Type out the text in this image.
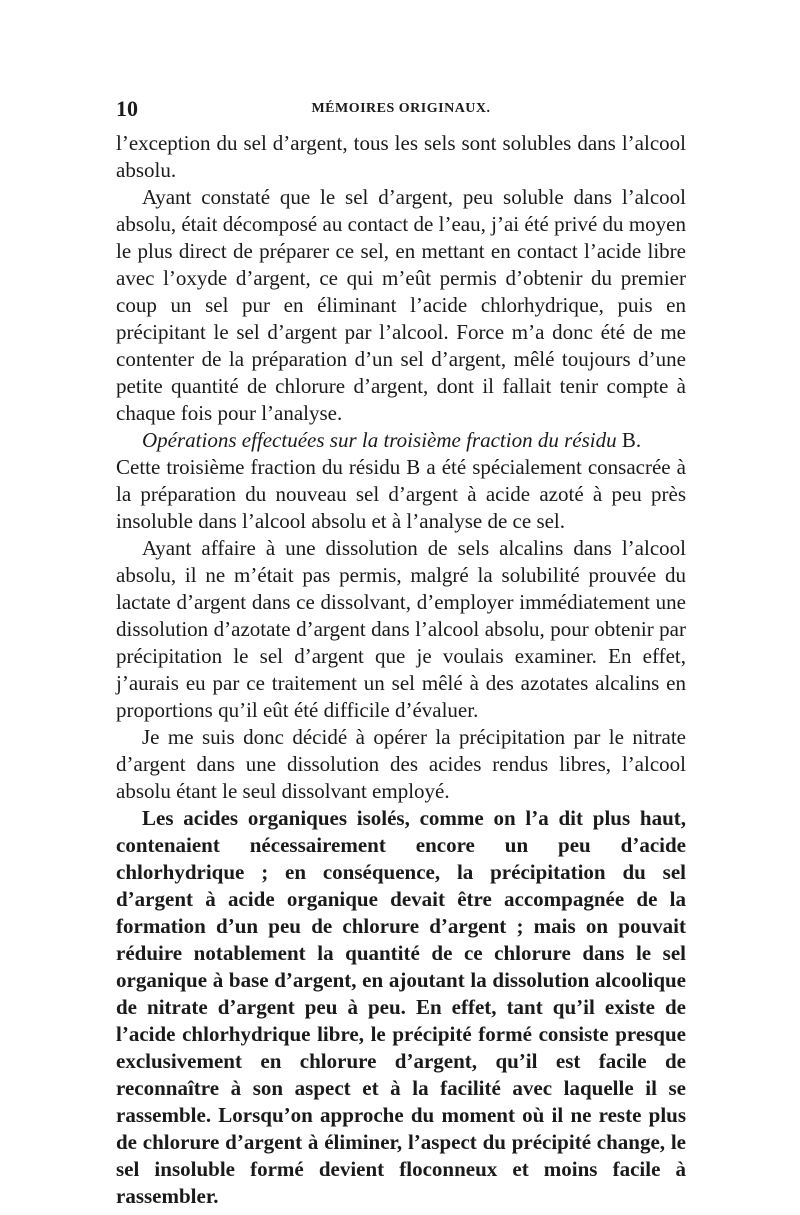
10	MÉMOIRES ORIGINAUX.

l’exception du sel d’argent, tous les sels sont solubles dans l’alcool absolu.

Ayant constaté que le sel d’argent, peu soluble dans l’alcool absolu, était décomposé au contact de l’eau, j’ai été privé du moyen le plus direct de préparer ce sel, en mettant en contact l’acide libre avec l’oxyde d’argent, ce qui m’eût permis d’obtenir du premier coup un sel pur en éliminant l’acide chlorhydrique, puis en précipitant le sel d’argent par l’alcool. Force m’a donc été de me contenter de la préparation d’un sel d’argent, mêlé toujours d’une petite quantité de chlorure d’argent, dont il fallait tenir compte à chaque fois pour l’analyse.

Opérations effectuées sur la troisième fraction du résidu B.

Cette troisième fraction du résidu B a été spécialement consacrée à la préparation du nouveau sel d’argent à acide azoté à peu près insoluble dans l’alcool absolu et à l’analyse de ce sel.

Ayant affaire à une dissolution de sels alcalins dans l’alcool absolu, il ne m’était pas permis, malgré la solubilité prouvée du lactate d’argent dans ce dissolvant, d’employer immédiatement une dissolution d’azotate d’argent dans l’alcool absolu, pour obtenir par précipitation le sel d’argent que je voulais examiner. En effet, j’aurais eu par ce traitement un sel mêlé à des azotates alcalins en proportions qu’il eût été difficile d’évaluer.

Je me suis donc décidé à opérer la précipitation par le nitrate d’argent dans une dissolution des acides rendus libres, l’alcool absolu étant le seul dissolvant employé.

Les acides organiques isolés, comme on l’a dit plus haut, contenaient nécessairement encore un peu d’acide chlorhydrique ; en conséquence, la précipitation du sel d’argent à acide organique devait être accompagnée de la formation d’un peu de chlorure d’argent ; mais on pouvait réduire notablement la quantité de ce chlorure dans le sel organique à base d’argent, en ajoutant la dissolution alcoolique de nitrate d’argent peu à peu. En effet, tant qu’il existe de l’acide chlorhydrique libre, le précipité formé consiste presque exclusivement en chlorure d’argent, qu’il est facile de reconnaître à son aspect et à la facilité avec laquelle il se rassemble. Lorsqu’on approche du moment où il ne reste plus de chlorure d’argent à éliminer, l’aspect du précipité change, le sel insoluble formé devient floconneux et moins facile à rassembler.
